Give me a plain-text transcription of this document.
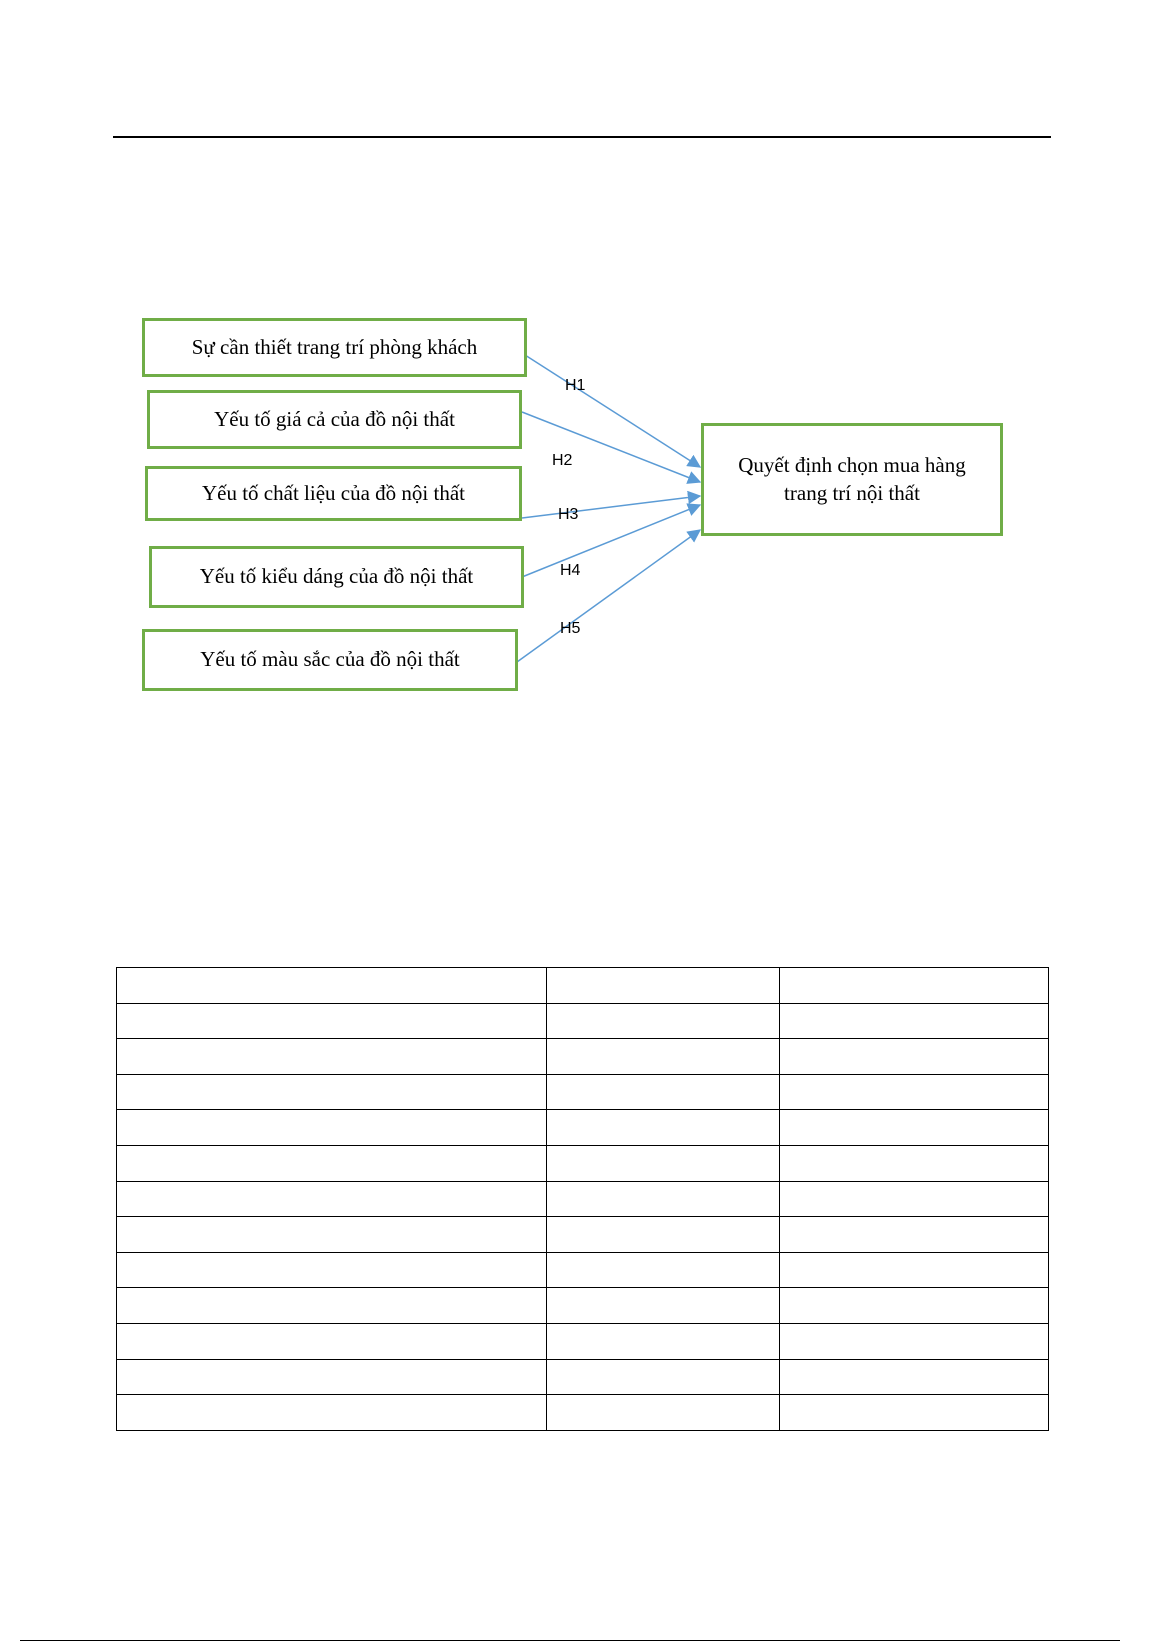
Sự cần thiết trang trí phòng khách
Yếu tố giá cả của đồ nội thất
Yếu tố chất liệu của đồ nội thất
Yếu tố kiểu dáng của đồ nội thất
Yếu tố màu sắc của đồ nội thất
Quyết định chọn mua hàng trang trí nội thất
H1
H2
H3
H4
H5
